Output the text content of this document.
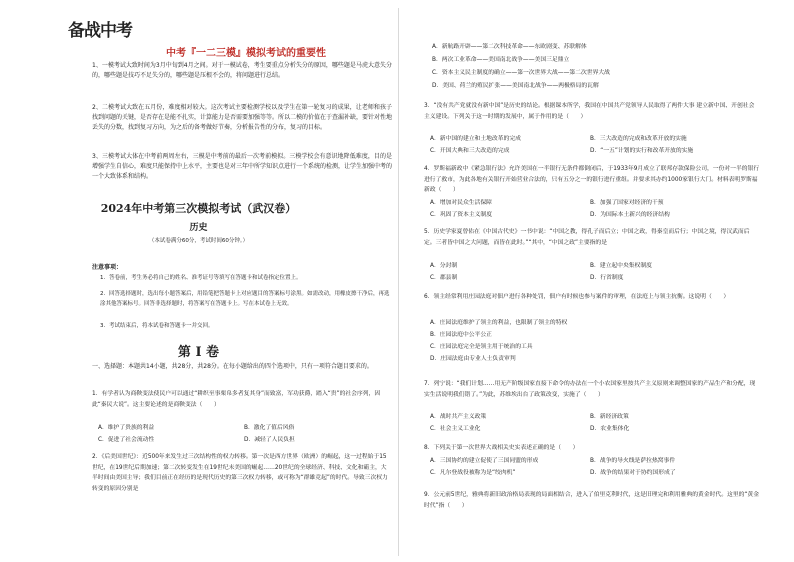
备战中考
中考『一二三模』模拟考试的重要性
1、一模考试大致时间为3月中旬到4月之间。对于一模试卷，考生要重点分析失分的原因，哪些题是马虎大意失分的，哪些题是技巧不足失分的，哪些题是压根不会的，将问题进行总结。
2、二模考试大致在五月份，难度相对较大。这次考试主要检测学校以及学生在第一轮复习的成果，让老师和孩子找到问题的关键，是否存在是能不扎实，计算能力是否需要加强等等。所以二模的价值在于查漏补缺，要针对性地丢失的分数，找到复习方向，为之后的备考做好节奏，分析报告性的分布，复习的目标。
3、三模考试大体在中考前两周左右，三模是中考前的最后一次考前模拟。三模学校会有意识地降低难度，目的是增强学生自信心，难度只能保持中上水平，主要也是对三年中所学知识点进行一个系统的检测，让学生加强中考的一个大致体系和结构。
2024年中考第三次模拟考试（武汉卷）
历史
（本试卷满分60分，考试时间60分钟。）
注意事项：
1．答卷前，考生务必将自己的姓名、准考证号等填写在答题卡和试卷指定位置上。
2．回答选择题时，选出每小题答案后，用铅笔把答题卡上对应题目的答案标号涂黑。如需改动，用橡皮擦干净后，再选涂其他答案标号。回答非选择题时，将答案写在答题卡上。写在本试卷上无效。
3．考试结束后，将本试卷和答题卡一并交回。
第 I 卷
一、选择题：本题共14小题，共28分，共28分。在每小题给出的四个选项中，只有一项符合题目要求的。
1．有学者认为商鞅变法使民户可以通过“耕织至事栗帛多者复其身”而致富，军功获爵，踏入“贵”的社会序列，因此“秦民大说”。这主要论述的是商鞅变法（　　）
A．维护了贵族的利益	B．激化了值后风俗
C．促进了社会流动性	D．减轻了人民负担
2．《后美国世纪》：近500年来发生过三次结构性的权力转移。第一次是西方世界（欧洲）的崛起，这一过程始于15世纪，在19世纪后期加速；第二次转变发生在19世纪末美国的崛起……20世纪的全球经济、科技、文化和霸主，大半时间由美国主导；我们目前正在经历的是现代历史的第三次权力转移，或可称为“群雄竞起”的时代。导致三次权力转变的原因分别是
A．新航路开辟——第二次科技革命——东欧剧变、苏联解体
B．两次工业革命——美国南北战争——美国三足鼎立
C．资本主义民主制度的确立——第一次世界大战——第二次世界大战
D．美国、荷兰的殖民扩张——美国南北战争——两极格局的瓦解
3．“没有共产党就没有新中国”是历史的结论。根据课本所学，我国在中国共产党领导人民取得了两件大事 建立新中国、开创社会主义建设。下列关于这一时期的发展中，属于作用的是（　　）
A．新中国的建立和土地改革的完成	B．三大改造的完成和改革开放的实施
C．开国大典和三大改造的完成	D．“一五”计划的实行和改革开放的实施
4．罗斯福新政中《紧急银行法》允许美国在一半银行无条件都倒闭后，于1933年9月成立了联邦存款保险公司，一份对一半的银行进行了救市，为此各地有关银行开始营业合法的，只有五分之一的银行进行重组。并要求其办约1000家银行大门。材料表明罗斯福新政（　　）
A．增加对民众生活保障	B．加强了国家对经济的干预
C．巩固了资本主义制度	D．为国际本土新兴的经济结构
5．历史学家夏曾佑在《中国古代史》一书中说：“中国之教，得孔子而后立；中国之政，得秦皇而后行；中国之境，得汉武而后定。三者皆中国之大问题，而皆在此时。”“其中，“中国之政”主要指的是
A．分封制	B．建立起中央集权制度
C．郡县制	D．行省制度
6．领主经常利用庄园法庭对佃户进行各种处罚，佃户有时候也参与案件的审理，在法庭上与领主抗衡。这说明（　　）
A．庄园法庭维护了领主的利益，也限制了领主的特权
B．庄园法庭中公平公正
C．庄园法庭完全是领主用于统治的工具
D．庄园法庭由专业人士负责审判
7．列宁说：“我们计划……用无产阶级国家直接下命令的办法在一个小农国家里按共产主义原则来调整国家的产品生产和分配，现实生活说明我们错了。”为此，苏维埃出台了政策改变，实施了（　　）
A．战时共产主义政策	B．新经济政策
C．社会主义工业化	D．农业集体化
8．下列关于第一次世界大战相关史实表述正确的是（　　）
A．三国协约的建立促使了三国同盟的形成	B．战争的导火线是萨拉热窝事件
C．凡尔登战役被称为是“绞肉机”	D．战争的结果对于协约国形成了
9．公元前5世纪，雅典将新旧政治格局表现的局面相结合，进入了伯里克利时代，这是旧理完和利用雅典的黄金时代。这里的“黄金时代”指（　　）
